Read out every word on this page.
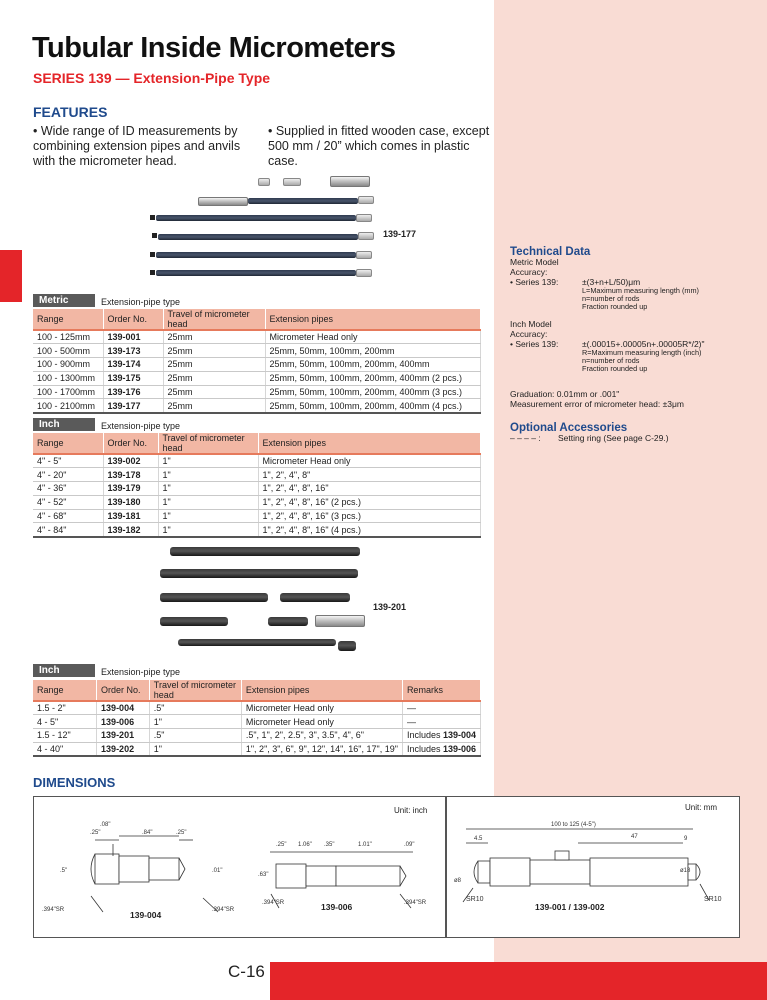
C-16
Tubular Inside Micrometers
SERIES 139 — Extension-Pipe Type
FEATURES
• Wide range of ID measurements by combining extension pipes and anvils with the micrometer head.
• Supplied in fitted wooden case, except 500 mm / 20” which comes in plastic case.
139-177
Metric	Extension-pipe type
Range	Order No.	Travel of micrometer head	Extension pipes
100 - 125mm	139-001	25mm	Micrometer Head only
100 - 500mm	139-173	25mm	25mm, 50mm, 100mm, 200mm
100 - 900mm	139-174	25mm	25mm, 50mm, 100mm, 200mm, 400mm
100 - 1300mm	139-175	25mm	25mm, 50mm, 100mm, 200mm, 400mm (2 pcs.)
100 - 1700mm	139-176	25mm	25mm, 50mm, 100mm, 200mm, 400mm (3 pcs.)
100 - 2100mm	139-177	25mm	25mm, 50mm, 100mm, 200mm, 400mm (4 pcs.)
Inch	Extension-pipe type
Range	Order No.	Travel of micrometer head	Extension pipes
4" - 5"	139-002	1"	Micrometer Head only
4" - 20"	139-178	1"	1", 2", 4", 8"
4" - 36"	139-179	1"	1", 2", 4", 8", 16"
4" - 52"	139-180	1"	1", 2", 4", 8", 16" (2 pcs.)
4" - 68"	139-181	1"	1", 2", 4", 8", 16" (3 pcs.)
4" - 84"	139-182	1"	1", 2", 4", 8", 16" (4 pcs.)
139-201
Inch	Extension-pipe type
Range	Order No.	Travel of micrometer head	Extension pipes	Remarks
1.5 - 2"	139-004	.5"	Micrometer Head only	—
4 - 5"	139-006	1"	Micrometer Head only	—
1.5 - 12"	139-201	.5"	.5", 1", 2", 2.5", 3", 3.5", 4", 6"	Includes 139-004
4 - 40"	139-202	1"	1", 2", 3", 6", 9", 12", 14", 16", 17", 19"	Includes 139-006
Technical Data
Metric Model
Accuracy:
• Series 139:	±(3+n+L/50)μm
L=Maximum measuring length (mm)
n=number of rods
Fraction rounded up
Inch Model
Accuracy:
• Series 139:	±(.00015+.00005n+.00005R*/2)"
R=Maximum measuring length (inch)
n=number of rods
Fraction rounded up
Graduation: 0.01mm or .001"
Measurement error of micrometer head: ±3μm
Optional Accessories
– – – – :	Setting ring (See page C-29.)
DIMENSIONS
Unit: inch	Unit: mm
.08"
.25"	.84"	.25"
.394"SR	.394"SR
.5"	.01"
139-004
.25" 1.06" .35"	1.01"	.09"
.394"SR	.394"SR
.63"
139-006
100 to 125 (4-5")
4.5	47	9
ø8
ø18
SR10	SR10
139-001 / 139-002
